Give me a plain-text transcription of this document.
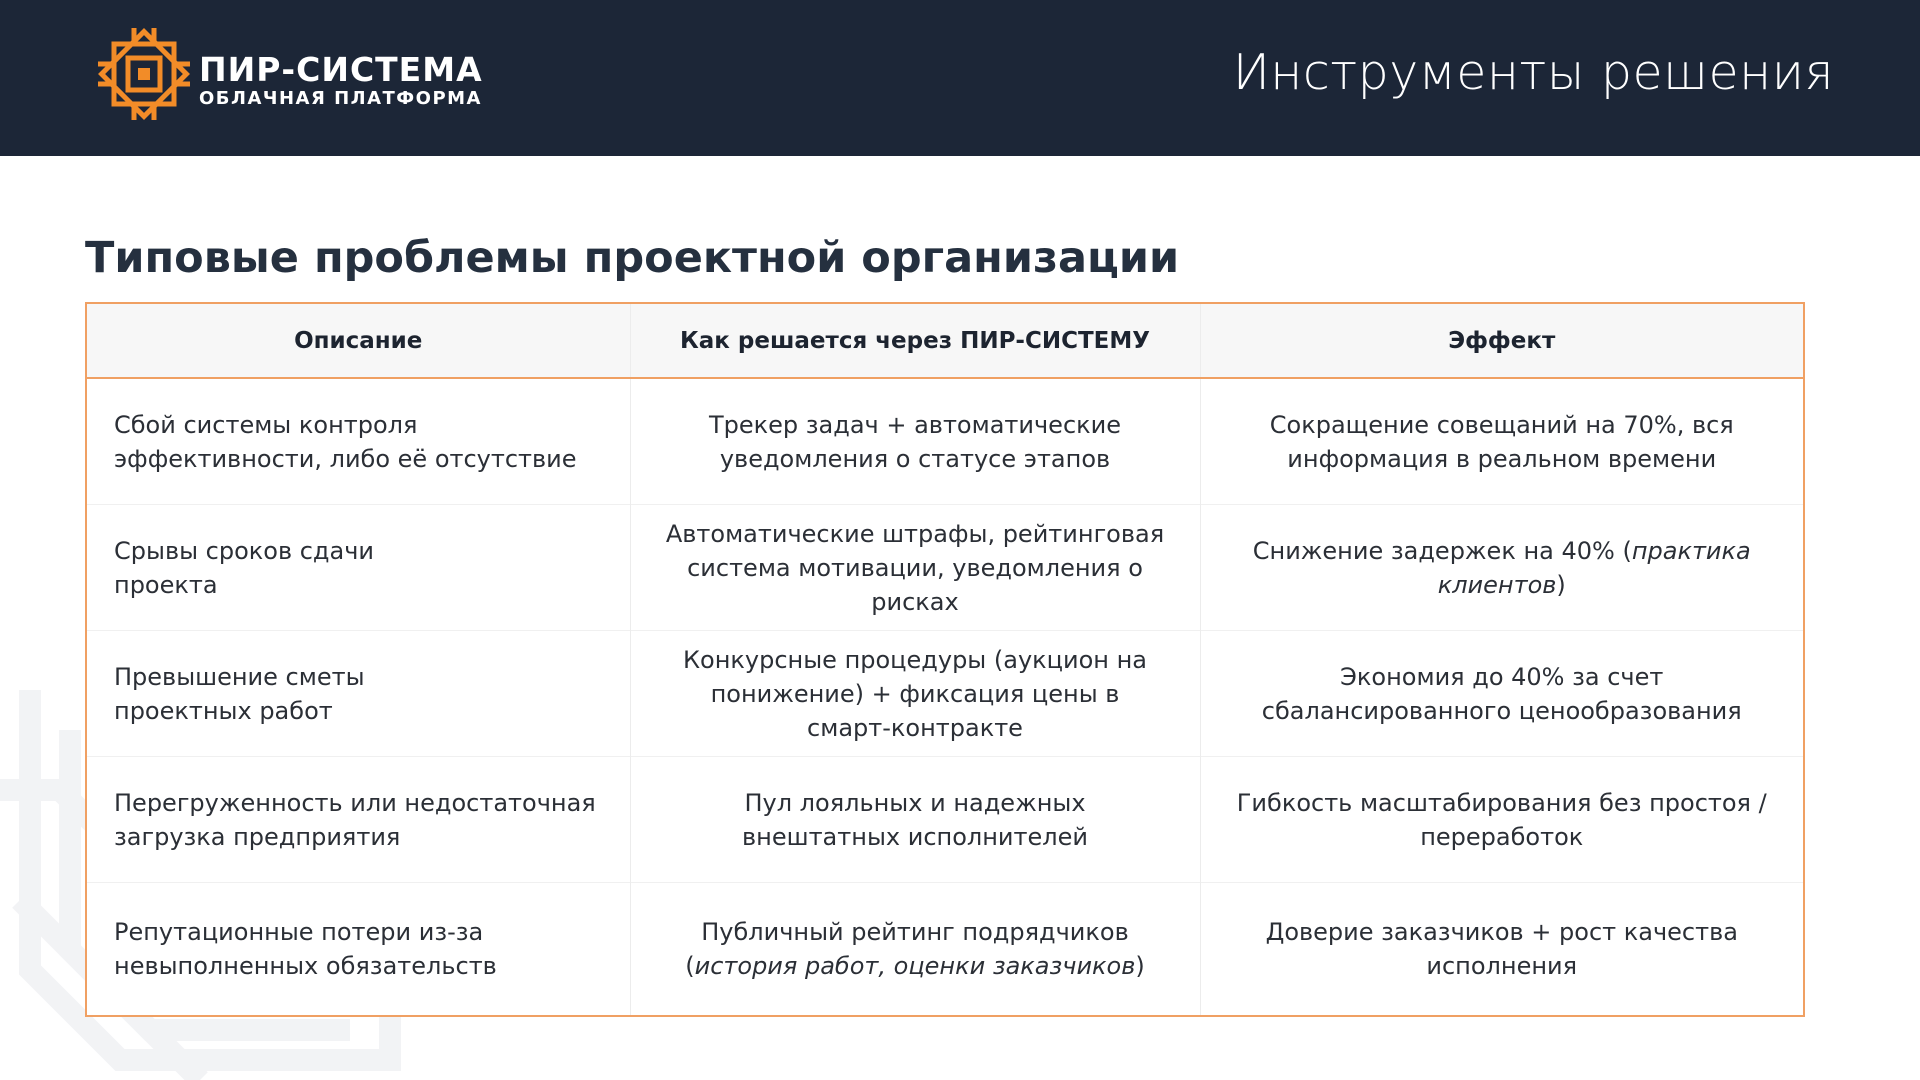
ПИР-СИСТЕМА
ОБЛАЧНАЯ ПЛАТФОРМА	Инструменты решения
Типовые проблемы проектной организации
Описание	Как решается через ПИР-СИСТЕМУ	Эффект

Сбой системы контроля эффективности, либо её отсутствие	Трекер задач + автоматические уведомления о статусе этапов	Сокращение совещаний на 70%, вся информация в реальном времени

Срывы сроков сдачи проекта	Автоматические штрафы, рейтинговая система мотивации, уведомления о рисках	Снижение задержек на 40% (практика клиентов)

Превышение сметы проектных работ	Конкурсные процедуры (аукцион на понижение) + фиксация цены в смарт-контракте	Экономия до 40% за счет сбалансированного ценообразования

Перегруженность или недостаточная загрузка предприятия	Пул лояльных и надежных внештатных исполнителей	Гибкость масштабирования без простоя / переработок

Репутационные потери из-за невыполненных обязательств	Публичный рейтинг подрядчиков (история работ, оценки заказчиков)	Доверие заказчиков + рост качества исполнения
